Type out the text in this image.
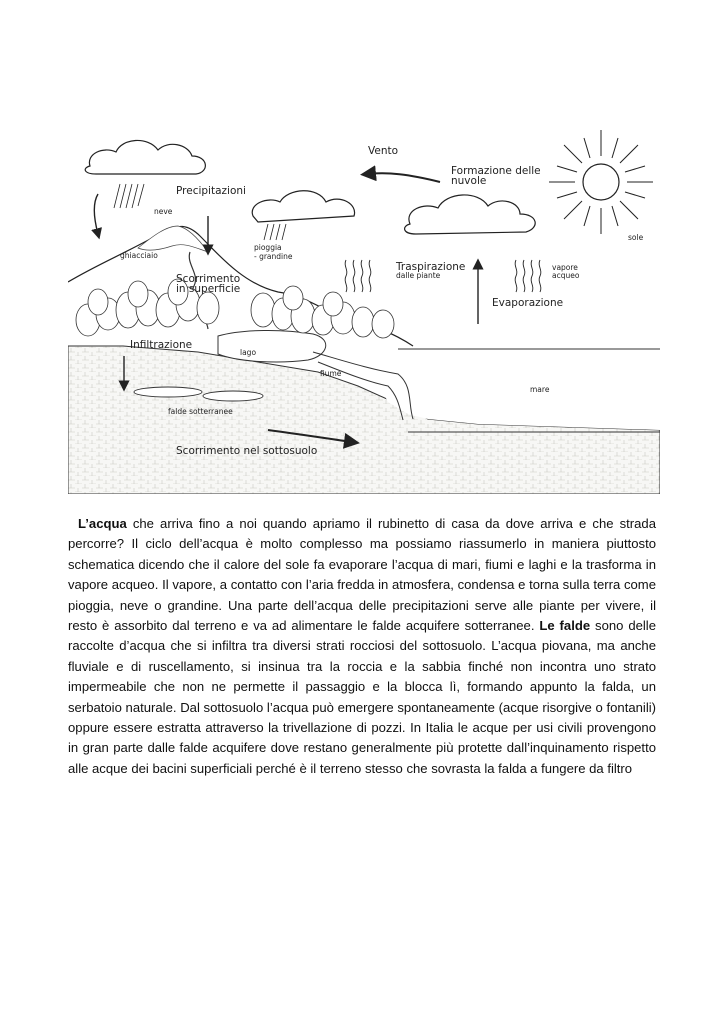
Vento
Formazione delle
nuvole
Precipitazioni
neve
ghiacciaio
pioggia
- grandine
Scorrimento
in superficie
Traspirazione
dalle piante
vapore
acqueo
sole
Evaporazione
Infiltrazione
lago
fiume
mare
falde sotterranee
Scorrimento nel sottosuolo
L’acqua che arriva fino a noi quando apriamo il rubinetto di casa da dove arriva e che strada percorre? Il ciclo dell’acqua è molto complesso ma possiamo riassumerlo in maniera piuttosto schematica dicendo che il calore del sole fa evaporare l’acqua di mari, fiumi e laghi e la trasforma in vapore acqueo. Il vapore, a contatto con l’aria fredda in atmosfera, condensa e torna sulla terra come pioggia, neve o grandine. Una parte dell’acqua delle precipitazioni serve alle piante per vivere, il resto è assorbito dal terreno e va ad alimentare le falde acquifere sotterranee. Le falde sono delle raccolte d’acqua che si infiltra tra diversi strati rocciosi del sottosuolo. L’acqua piovana, ma anche fluviale e di ruscellamento, si insinua tra la roccia e la sabbia finché non incontra uno strato impermeabile che non ne permette il passaggio e la blocca lì, formando appunto la falda, un serbatoio naturale. Dal sottosuolo l’acqua può emergere spontaneamente (acque risorgive o fontanili) oppure essere estratta attraverso la trivellazione di pozzi. In Italia le acque per usi civili provengono in gran parte dalle falde acquifere dove restano generalmente più protette dall’inquinamento rispetto alle acque dei bacini superficiali perché è il terreno stesso che sovrasta la falda a fungere da filtro
